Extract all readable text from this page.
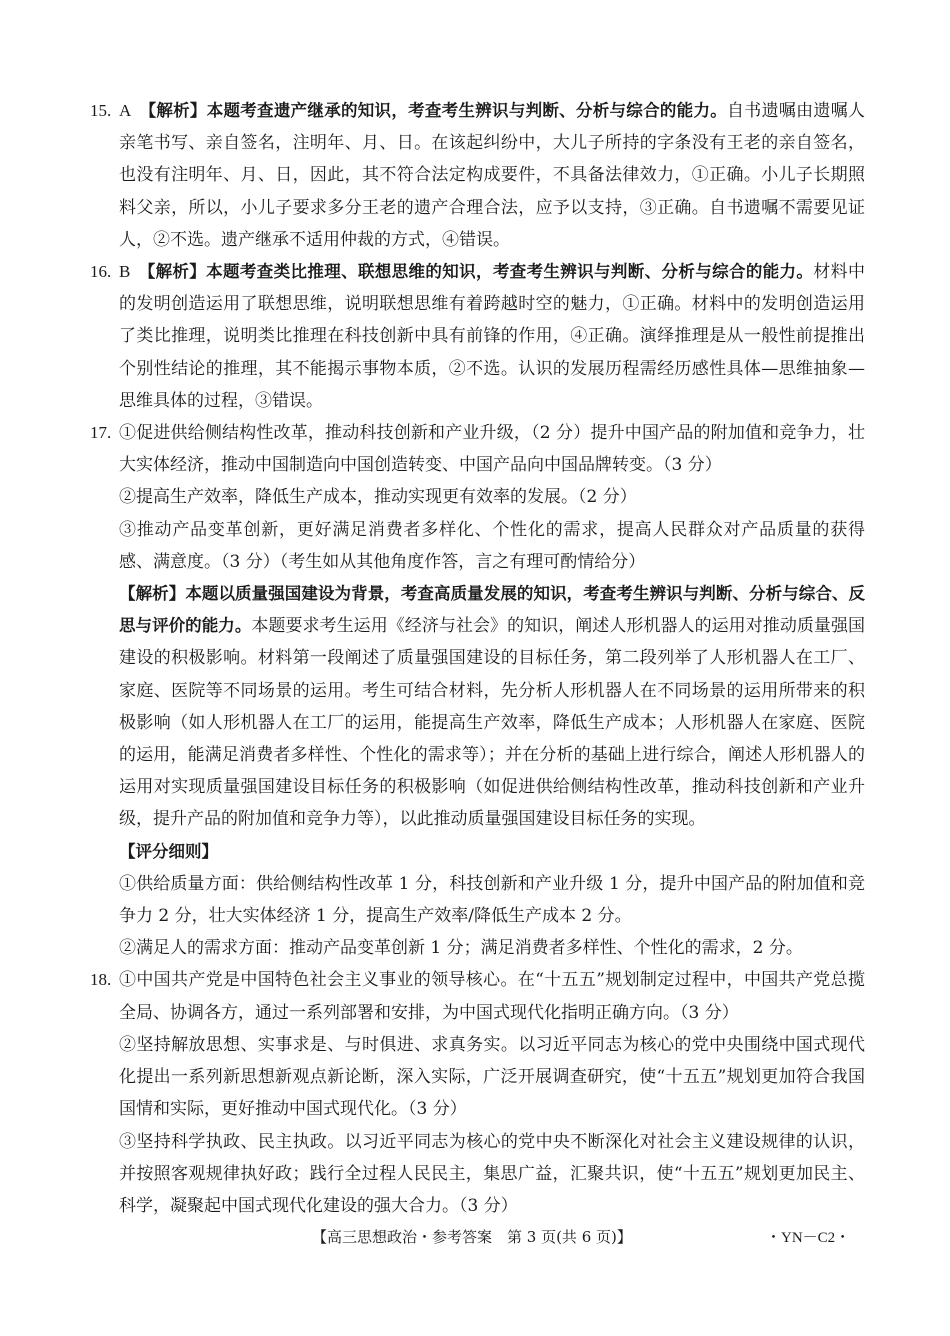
15. A 【解析】本题考查遗产继承的知识，考查考生辨识与判断、分析与综合的能力。自书遗嘱由遗嘱人亲笔书写、亲自签名，注明年、月、日。在该起纠纷中，大儿子所持的字条没有王老的亲自签名，也没有注明年、月、日，因此，其不符合法定构成要件，不具备法律效力，①正确。小儿子长期照料父亲，所以，小儿子要求多分王老的遗产合理合法，应予以支持，③正确。自书遗嘱不需要见证人，②不选。遗产继承不适用仲裁的方式，④错误。
16. B 【解析】本题考查类比推理、联想思维的知识，考查考生辨识与判断、分析与综合的能力。材料中的发明创造运用了联想思维，说明联想思维有着跨越时空的魅力，①正确。材料中的发明创造运用了类比推理，说明类比推理在科技创新中具有前锋的作用，④正确。演绎推理是从一般性前提推出个别性结论的推理，其不能揭示事物本质，②不选。认识的发展历程需经历感性具体—思维抽象—思维具体的过程，③错误。
17. ①促进供给侧结构性改革，推动科技创新和产业升级，（2 分）提升中国产品的附加值和竞争力，壮大实体经济，推动中国制造向中国创造转变、中国产品向中国品牌转变。（3 分）
②提高生产效率，降低生产成本，推动实现更有效率的发展。（2 分）
③推动产品变革创新，更好满足消费者多样化、个性化的需求，提高人民群众对产品质量的获得感、满意度。（3 分）（考生如从其他角度作答，言之有理可酌情给分）
【解析】本题以质量强国建设为背景，考查高质量发展的知识，考查考生辨识与判断、分析与综合、反思与评价的能力。本题要求考生运用《经济与社会》的知识，阐述人形机器人的运用对推动质量强国建设的积极影响。材料第一段阐述了质量强国建设的目标任务，第二段列举了人形机器人在工厂、家庭、医院等不同场景的运用。考生可结合材料，先分析人形机器人在不同场景的运用所带来的积极影响（如人形机器人在工厂的运用，能提高生产效率，降低生产成本；人形机器人在家庭、医院的运用，能满足消费者多样性、个性化的需求等）；并在分析的基础上进行综合，阐述人形机器人的运用对实现质量强国建设目标任务的积极影响（如促进供给侧结构性改革，推动科技创新和产业升级，提升产品的附加值和竞争力等），以此推动质量强国建设目标任务的实现。
【评分细则】
①供给质量方面：供给侧结构性改革 1 分，科技创新和产业升级 1 分，提升中国产品的附加值和竞争力 2 分，壮大实体经济 1 分，提高生产效率/降低生产成本 2 分。
②满足人的需求方面：推动产品变革创新 1 分；满足消费者多样性、个性化的需求，2 分。
18. ①中国共产党是中国特色社会主义事业的领导核心。在“十五五”规划制定过程中，中国共产党总揽全局、协调各方，通过一系列部署和安排，为中国式现代化指明正确方向。（3 分）
②坚持解放思想、实事求是、与时俱进、求真务实。以习近平同志为核心的党中央围绕中国式现代化提出一系列新思想新观点新论断，深入实际，广泛开展调查研究，使“十五五”规划更加符合我国国情和实际，更好推动中国式现代化。（3 分）
③坚持科学执政、民主执政。以习近平同志为核心的党中央不断深化对社会主义建设规律的认识，并按照客观规律执好政；践行全过程人民民主，集思广益，汇聚共识，使“十五五”规划更加民主、科学，凝聚起中国式现代化建设的强大合力。（3 分）
【高三思想政治・参考答案　第 3 页(共 6 页)】	・YN－C2・
